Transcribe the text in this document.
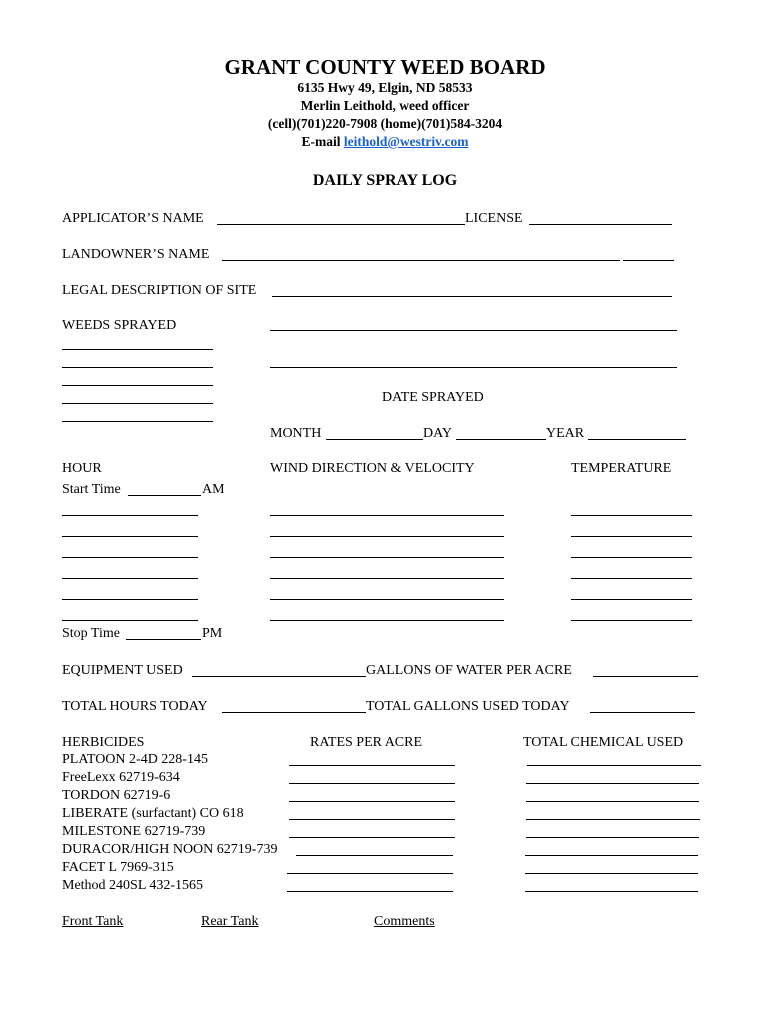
GRANT COUNTY WEED BOARD
6135 Hwy 49, Elgin, ND 58533
Merlin Leithold, weed officer
(cell)(701)220-7908 (home)(701)584-3204
E-mail leithold@westriv.com
DAILY SPRAY LOG
APPLICATOR’S NAME	LICENSE
LANDOWNER’S NAME
LEGAL DESCRIPTION OF SITE
WEEDS SPRAYED
DATE SPRAYED
MONTH	DAY	YEAR
HOUR	WIND DIRECTION & VELOCITY	TEMPERATURE
Start Time	AM
Stop Time	PM
EQUIPMENT USED	GALLONS OF WATER PER ACRE
TOTAL HOURS TODAY	TOTAL GALLONS USED TODAY
HERBICIDES	RATES PER ACRE	TOTAL CHEMICAL USED
PLATOON 2-4D 228-145
FreeLexx 62719-634
TORDON 62719-6
LIBERATE (surfactant) CO 618
MILESTONE 62719-739
DURACOR/HIGH NOON 62719-739
FACET L 7969-315
Method 240SL 432-1565
Front Tank	Rear Tank	Comments
